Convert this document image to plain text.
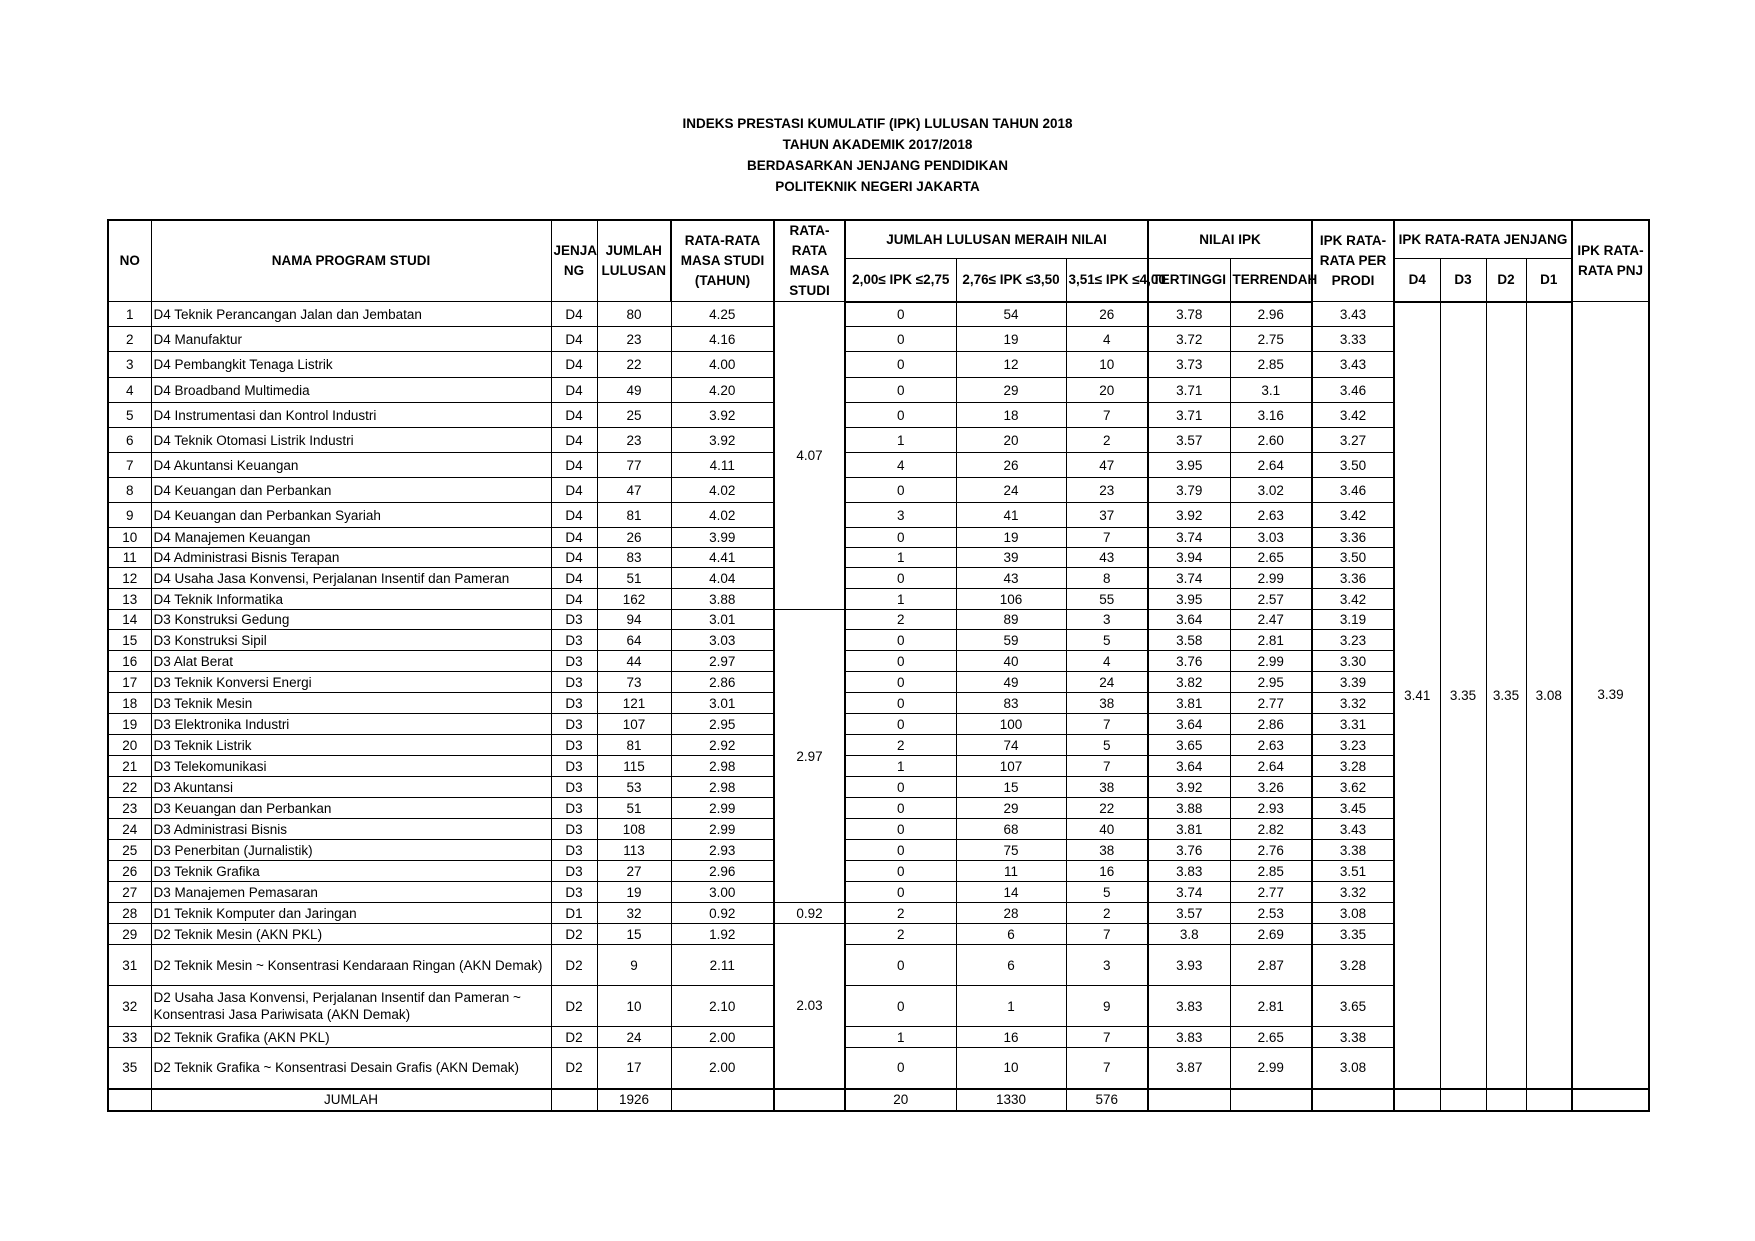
INDEKS PRESTASI KUMULATIF (IPK) LULUSAN TAHUN 2018
TAHUN AKADEMIK 2017/2018
BERDASARKAN JENJANG PENDIDIKAN
POLITEKNIK NEGERI JAKARTA
NO	NAMA PROGRAM STUDI	JENJA NG	JUMLAH LULUSAN	RATA-RATA MASA STUDI (TAHUN)	RATA-RATA MASA STUDI	JUMLAH LULUSAN MERAIH NILAI			NILAI IPK		IPK RATA-RATA PER PRODI	IPK RATA-RATA JENJANG				IPK RATA-RATA PNJ
						2,00≤ IPK ≤2,75	2,76≤ IPK ≤3,50	3,51≤ IPK ≤4,00	TERTINGGI	TERRENDAH		D4	D3	D2	D1	
1	D4 Teknik Perancangan Jalan dan Jembatan	D4	80	4.25	4.07	0	54	26	3.78	2.96	3.43	3.41	3.35	3.35	3.08	3.39
2	D4 Manufaktur	D4	23	4.16		0	19	4	3.72	2.75	3.33					
3	D4 Pembangkit Tenaga Listrik	D4	22	4.00		0	12	10	3.73	2.85	3.43					
4	D4 Broadband Multimedia	D4	49	4.20		0	29	20	3.71	3.1	3.46					
5	D4 Instrumentasi dan Kontrol Industri	D4	25	3.92		0	18	7	3.71	3.16	3.42					
6	D4 Teknik Otomasi Listrik Industri	D4	23	3.92		1	20	2	3.57	2.60	3.27					
7	D4 Akuntansi Keuangan	D4	77	4.11		4	26	47	3.95	2.64	3.50					
8	D4 Keuangan dan Perbankan	D4	47	4.02		0	24	23	3.79	3.02	3.46					
9	D4 Keuangan dan Perbankan Syariah	D4	81	4.02		3	41	37	3.92	2.63	3.42					
10	D4 Manajemen Keuangan	D4	26	3.99		0	19	7	3.74	3.03	3.36					
11	D4 Administrasi Bisnis Terapan	D4	83	4.41		1	39	43	3.94	2.65	3.50					
12	D4 Usaha Jasa Konvensi, Perjalanan Insentif dan Pameran	D4	51	4.04		0	43	8	3.74	2.99	3.36					
13	D4 Teknik Informatika	D4	162	3.88		1	106	55	3.95	2.57	3.42					
14	D3 Konstruksi Gedung	D3	94	3.01	2.97	2	89	3	3.64	2.47	3.19					
15	D3 Konstruksi Sipil	D3	64	3.03		0	59	5	3.58	2.81	3.23					
16	D3 Alat Berat	D3	44	2.97		0	40	4	3.76	2.99	3.30					
17	D3 Teknik Konversi Energi	D3	73	2.86		0	49	24	3.82	2.95	3.39					
18	D3 Teknik Mesin	D3	121	3.01		0	83	38	3.81	2.77	3.32					
19	D3 Elektronika Industri	D3	107	2.95		0	100	7	3.64	2.86	3.31					
20	D3 Teknik Listrik	D3	81	2.92		2	74	5	3.65	2.63	3.23					
21	D3 Telekomunikasi	D3	115	2.98		1	107	7	3.64	2.64	3.28					
22	D3 Akuntansi	D3	53	2.98		0	15	38	3.92	3.26	3.62					
23	D3 Keuangan dan Perbankan	D3	51	2.99		0	29	22	3.88	2.93	3.45					
24	D3 Administrasi Bisnis	D3	108	2.99		0	68	40	3.81	2.82	3.43					
25	D3 Penerbitan (Jurnalistik)	D3	113	2.93		0	75	38	3.76	2.76	3.38					
26	D3 Teknik Grafika	D3	27	2.96		0	11	16	3.83	2.85	3.51					
27	D3 Manajemen Pemasaran	D3	19	3.00		0	14	5	3.74	2.77	3.32					
28	D1 Teknik Komputer dan Jaringan	D1	32	0.92	0.92	2	28	2	3.57	2.53	3.08					
29	D2 Teknik Mesin (AKN PKL)	D2	15	1.92	2.03	2	6	7	3.8	2.69	3.35					
31	D2 Teknik Mesin ~ Konsentrasi Kendaraan Ringan (AKN Demak)	D2	9	2.11		0	6	3	3.93	2.87	3.28					
32	D2 Usaha Jasa Konvensi, Perjalanan Insentif dan Pameran ~ Konsentrasi Jasa Pariwisata (AKN Demak)	D2	10	2.10		0	1	9	3.83	2.81	3.65					
33	D2 Teknik Grafika (AKN PKL)	D2	24	2.00		1	16	7	3.83	2.65	3.38					
35	D2 Teknik Grafika ~ Konsentrasi Desain Grafis (AKN Demak)	D2	17	2.00		0	10	7	3.87	2.99	3.08					
	JUMLAH		1926			20	1330	576								
